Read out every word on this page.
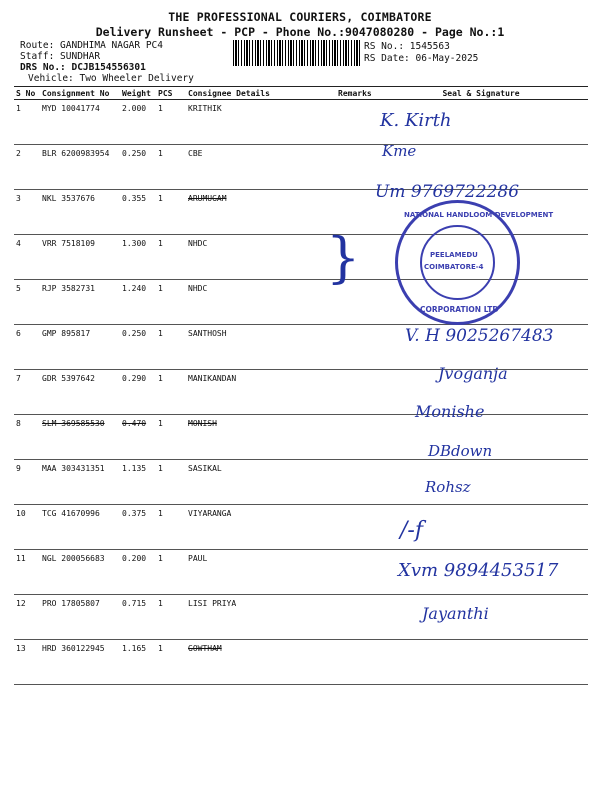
THE PROFESSIONAL COURIERS, COIMBATORE
Delivery Runsheet - PCP - Phone No.:9047080280 - Page No.:1
Route: GANDHIMA NAGAR PC4
Staff: SUNDHAR
DRS No.: DCJB154556301
Vehicle: Two Wheeler Delivery
RS No.: 1545563
RS Date: 06-May-2025
S No	Consignment No	Weight	PCS	Consignee Details	Remarks	Seal & Signature
1	MYD 10041774	2.000	1	KRITHIK		
2	BLR 6200983954	0.250	1	CBE		
3	NKL 3537676	0.355	1	ARUMUGAM		
4	VRR 7518109	1.300	1	NHDC		
5	RJP 3582731	1.240	1	NHDC		
6	GMP 895817	0.250	1	SANTHOSH		
7	GDR 5397642	0.290	1	MANIKANDAN		
8	SLM 369585530	0.470	1	MONISH		
9	MAA 303431351	1.135	1	SASIKAL		
10	TCG 41670996	0.375	1	VIYARANGA		
11	NGL 200056683	0.200	1	PAUL		
12	PRO 17805807	0.715	1	LISI PRIYA		
13	HRD 360122945	1.165	1	GOWTHAM		
NATIONAL HANDLOOM DEVELOPMENT
CORPORATION LTD
PEELAMEDU
COIMBATORE-4
}
K. Kirth
Kme
Um 9769722286
V. H 9025267483
Jvoganja
Monishe
DBdown
Rohsz
/-f
Xvm 9894453517
Jayanthi
